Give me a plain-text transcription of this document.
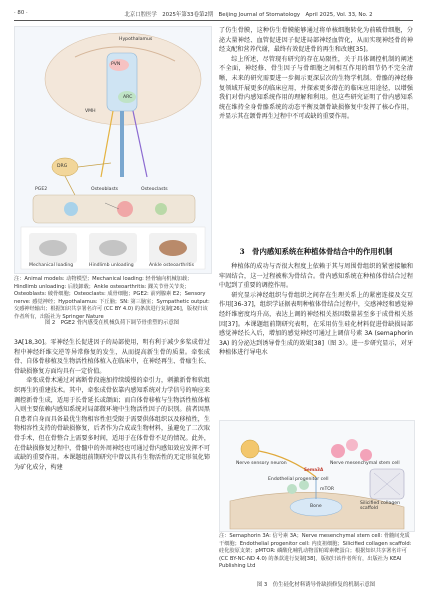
· 80 ·	北京口腔医学　2025年第33卷第2期　Beijing Journal of Stomatology　April 2025, Vol. 33, No. 2
Hypothalamus
PVN
ARC
VMH
DRG
PGE2	Osteoblasts	Osteoclasts
Mechanical loading	Hindlimb unloading	Ankle osteoarthritis
注：Animal models: 动物模型；Mechanical loading: 轻骨轴向机械加载；Hindlimb unloading: 后肢卸载；Ankle osteoarthritis: 踝关节骨关节炎；Osteoblasts: 破骨细胞；Osteoclasts: 成骨细胞；PGE2: 前列腺素 E2；Sensory nerve: 感觉神经；Hypothalamus: 下丘脑；SN: 第三脑室；Sympathetic output: 交感神经输出；根据知识共享署名许可 (CC BY 4.0) 的条款进行复制[26]，版权归该作者所有，出版社为 Springer Nature
图 2　PGE2 骨内感受在机械负荷下调节骨重塑的示意图

3A[18,30]。零神经生长促进因子的局部使用，明有利于减少多桨成骨过程中神经纤维交逆等异常修复的发生，从而提高新生骨的质量。牵张成骨、自体骨移植及生物活性植体植入在临床中，在神经再生、骨痂生长、骨缺损修复方面均具有一定价值。

牵张成骨术通过对离断骨段施加持续缓慢的牵引力，刺激新骨和软组织再生的重建技术。其中，牵张成骨依靠内感知系统对力学信号的响应来调控新骨生成，适用于长骨延长或颌面；而自体骨移植与生物活性植体植入则主要依赖内感知系统对局部微环境中生物活性因子的识别。前者因黑自患者自身而具备最优生物相容性但受限于需要供体组织以及移植性，生物相容性支持的骨缺损修复，后者作为合成或生物材料，虽避免了二次取骨手术，但在骨整合上需要多时间，适用于在体骨骨不足的情况。此外，在骨缺损修复过程中，骨髓中的外周神经也可通过骨内感知效应发挥不可或缺的重要作用。本课题组前期研究中曾以具有生物活性的无定形氧化铈为矿化成分，构建

了仿生骨膜，这种仿生骨膜能够通过将单核细胞转化为前破骨细胞，分泌大量神经、血管促进因子促进局部神经血管化，从而实现神经骨的神经支配和营养代谢，最终有效促进骨的再生和改建[35]。

综上所述，尽管现有研究的存在局限性，关于具体调控机制的阐述不全面，神经修、骨生因子与骨细胞之间相互作用的细节仍不完全清晰，未来的研究需要进一步揭示更深层次的生物学机制。骨骼的神经修复领域开展更多的临床应用，并探索更多潜在的临床应用途径，以增强我们对骨内感知系统作用的理解和利用。但这些研究证明了骨内感知系统在维持全身骨骼系统的动态平衡及颌骨缺损修复中发挥了核心作用，并显示其在颌骨再生过程中不可或缺的重要作用。

3　骨内感知系统在种植体骨结合中的作用机制

种植体的成功与否很大程度上依赖于其与周围骨组织的紧密接触和牢固结合，这一过程被称为骨结合。骨内感知系统在种植体骨结合过程中起到了重要的调控作用。

研究显示神经组织与骨组织之间存在生理关系上的紧密连接及交互作用[36-37]，组织学证据表明种植体骨结合过程中，交感神经和感觉神经纤维密度均升高，表达上调的神经相关基因数量甚至多于成骨相关基因[37]。本课题组前期研究表明，在采用仿生硅化材料促进骨缺损局部感觉神经长入后，增加的感觉神经可通过上调信号素 3A (semaphorin 3A) 的分泌达到诱导骨生成的效果[38]（图 3）。进一步研究显示，对牙种植体进行导电水

Sema3A
Nerve sensory neuron	Nerve mesenchymal stem cell
Silicified collagen scaffold
Endothelial progenitor cell
Bone
mTOR
注：Semaphorin 3A: 信号素 3A；Nerve mesenchymal stem cell: 骨髓间充质干细胞；Endothelial progenitor cell: 内皮祖细胞；Silicified collagen scaffold: 硅化胶原支架；pMTOR: 磷酸化哺乳动物雷帕霉素靶蛋白；根据知识共享署名许可 (CC BY-NC-ND 4.0) 的条款进行复制[38]，版权归该作者所有，出版社为 KEAI Publishing Ltd
图 3　仿生硅化材料诱导骨缺损修复的机制示意图
